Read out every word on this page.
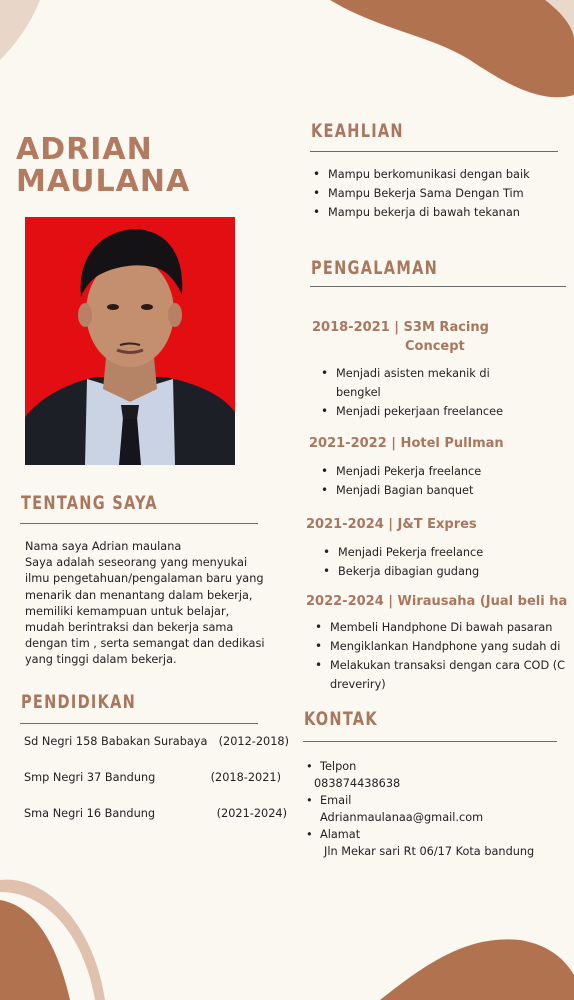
ADRIAN
MAULANA
TENTANG SAYA
Nama saya Adrian maulana
Saya adalah seseorang yang menyukai
ilmu pengetahuan/pengalaman baru yang
menarik dan menantang dalam bekerja,
memiliki kemampuan untuk belajar,
mudah berintraksi dan bekerja sama
dengan tim , serta semangat dan dedikasi
yang tinggi dalam bekerja.
PENDIDIKAN
Sd Negri 158 Babakan Surabaya (2012-2018)
Smp Negri 37 Bandung	(2018-2021)
Sma Negri 16 Bandung	(2021-2024)
KEAHLIAN
• Mampu berkomunikasi dengan baik
• Mampu Bekerja Sama Dengan Tim
• Mampu bekerja di bawah tekanan
PENGALAMAN
2018-2021 | S3M Racing
Concept
• Menjadi asisten mekanik di
bengkel
• Menjadi pekerjaan freelancee
2021-2022 | Hotel Pullman
• Menjadi Pekerja freelance
• Menjadi Bagian banquet
2021-2024 | J&T Expres
• Menjadi Pekerja freelance
• Bekerja dibagian gudang
2022-2024 | Wirausaha (Jual beli ha
• Membeli Handphone Di bawah pasaran
• Mengiklankan Handphone yang sudah di
• Melakukan transaksi dengan cara COD (C
dreveriry)
KONTAK
• Telpon
083874438638
• Email
Adrianmaulanaa@gmail.com
• Alamat
Jln Mekar sari Rt 06/17 Kota bandung
